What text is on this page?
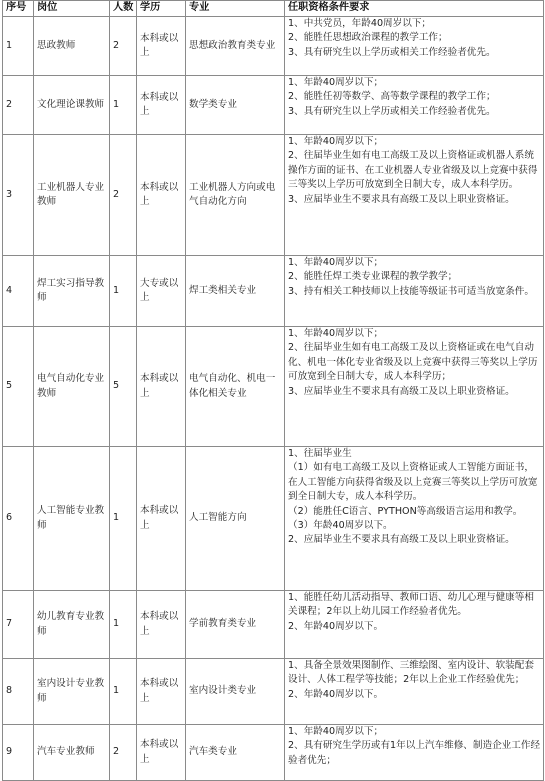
序号	岗位	人数	学历	专业	任职资格条件要求
1	思政教师	2	本科或以上	思想政治教育类专业	1、中共党员，年龄40周岁以下；
2、能胜任思想政治课程的教学工作；
3、具有研究生以上学历或相关工作经验者优先。

2	文化理论课教师	1	本科或以上	数学类专业	1、年龄40周岁以下；
2、能胜任初等数学、高等数学课程的教学工作；
3、具有研究生以上学历或相关工作经验者优先。

3	工业机器人专业教师	2	本科或以上	工业机器人方向或电气自动化方向	1、年龄40周岁以下；
2、往届毕业生如有电工高级工及以上资格证或机器人系统操作方面的证书、在工业机器人专业省级及以上竞赛中获得三等奖以上学历可放宽到全日制大专，成人本科学历。
3、应届毕业生不要求具有高级工及以上职业资格证。

4	焊工实习指导教师	1	大专或以上	焊工类相关专业	1、年龄40周岁以下；
2、能胜任焊工类专业课程的教学教学；
3、持有相关工种技师以上技能等级证书可适当放宽条件。

5	电气自动化专业教师	5	本科或以上	电气自动化、机电一体化相关专业	1、年龄40周岁以下；
2、往届毕业生如有电工高级工及以上资格证或在电气自动化、机电一体化专业省级及以上竞赛中获得三等奖以上学历可放宽到全日制大专，成人本科学历；
3、应届毕业生不要求具有高级工及以上职业资格证。

6	人工智能专业教师	1	本科或以上	人工智能方向	1、往届毕业生
（1）如有电工高级工及以上资格证或人工智能方面证书，在人工智能方向获得省级及以上竞赛三等奖以上学历可放宽到全日制大专，成人本科学历。
（2）能胜任C语言、PYTHON等高级语言运用和教学。
（3）年龄40周岁以下。
2、应届毕业生不要求具有高级工及以上职业资格证。

7	幼儿教育专业教师	1	本科或以上	学前教育类专业	1、能胜任幼儿活动指导、教师口语、幼儿心理与健康等相关课程；2年以上幼儿园工作经验者优先。
2、年龄40周岁以下。

8	室内设计专业教师	1	本科或以上	室内设计类专业	1、具备全景效果图制作、三维绘图、室内设计、软装配套设计、人体工程学等技能；2年以上企业工作经验优先；
2、年龄40周岁以下。

9	汽车专业教师	2	本科或以上	汽车类专业	1、年龄40周岁以下；
2、具有研究生学历或有1年以上汽车维修、制造企业工作经验者优先；
